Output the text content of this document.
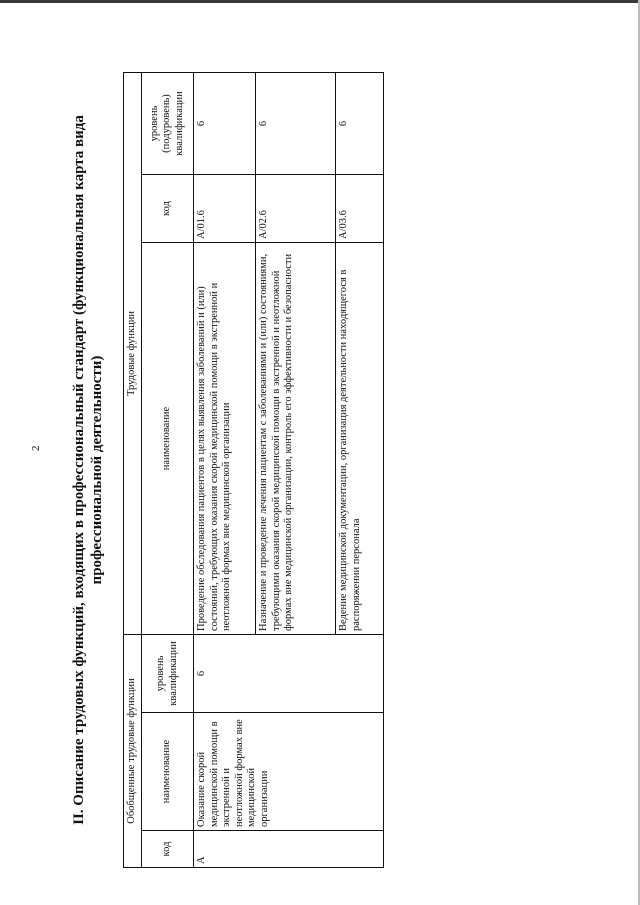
2 II. Описание трудовых функций, входящих в профессиональный стандарт (функциональная карта вида профессиональной деятельности)
Обобщенные трудовые функции			Трудовые функции		
код	наименование	уровень квалификации	наименование	код	уровень (подуровень) квалификации
А	Оказание скорой медицинской помощи в экстренной и неотложной формах вне медицинской организации	6	Проведение обследования пациентов в целях выявления заболеваний и (или) состояний, требующих оказания скорой медицинской помощи в экстренной и неотложной формах вне медицинской организации	A/01.6	6
			Назначение и проведение лечения пациентам с заболеваниями и (или) состояниями, требующими оказания скорой медицинской помощи в экстренной и неотложной формах вне медицинской организации, контроль его эффективности и безопасности	A/02.6	6
			Ведение медицинской документации, организация деятельности находящегося в распоряжении персонала	A/03.6	6
